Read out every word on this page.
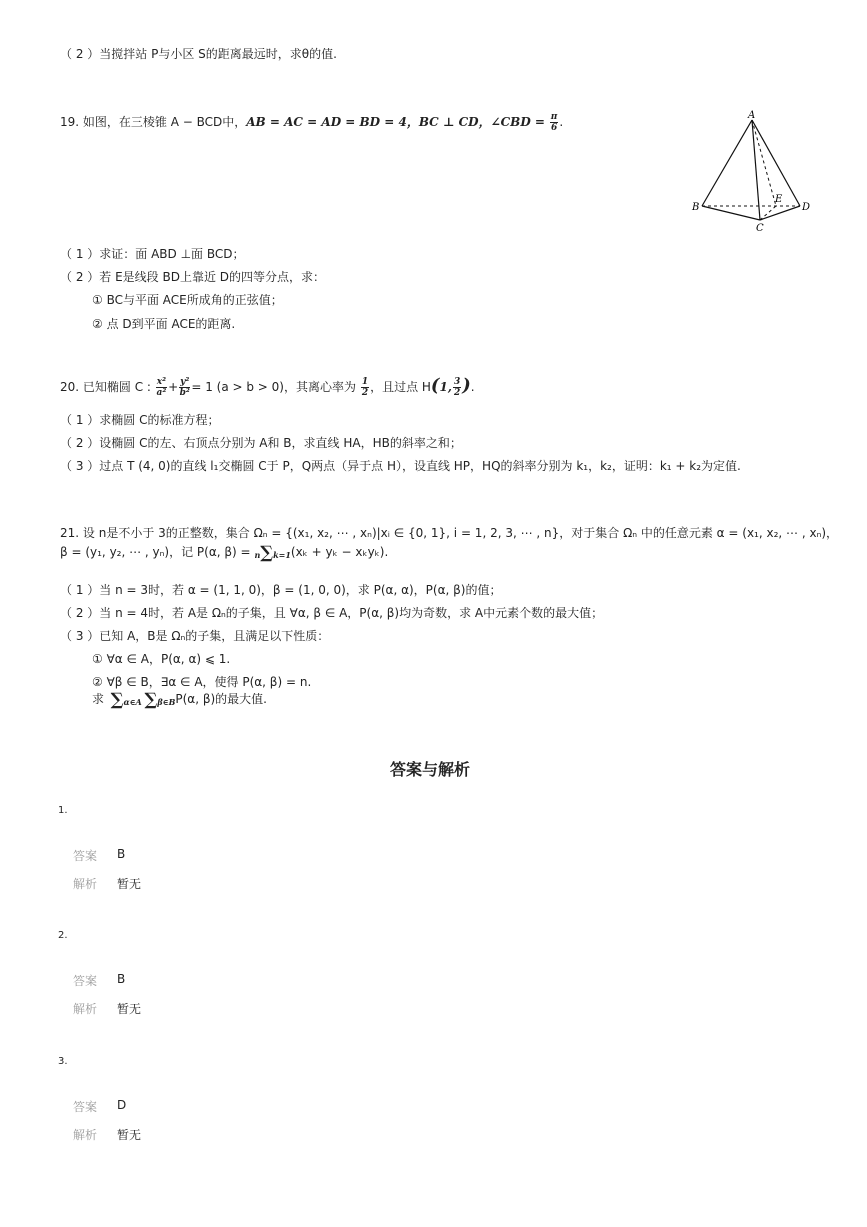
（ 2 ）当搅拌站 P与小区 S的距离最远时，求θ的值.
19. 如图，在三棱锥 A − BCD中，AB = AC = AD = BD = 4，BC ⊥ CD，∠CBD = $\frac{\pi}{6}$ .	A
B
C
D
E
（ 1 ）求证：面 ABD ⊥面 BCD；
（ 2 ）若 E是线段 BD上靠近 D的四等分点，求：
① BC与平面 ACE所成角的正弦值；
② 点 D到平面 ACE的距离.
20. 已知椭圆 C : $\frac{\text{x²}}{\text{a²}} + \frac{\text{y²}}{\text{b²}} = 1$ (a > b > 0)，其离心率为 $\frac{1}{2}$ ，且过点 H(1, $\frac{3}{2}$ ).
（ 1 ）求椭圆 C的标准方程；
（ 2 ）设椭圆 C的左、右顶点分别为 A和 B，求直线 HA，HB的斜率之和；
（ 3 ）过点 T (4, 0)的直线 l₁交椭圆 C于 P，Q两点（异于点 H），设直线 HP，HQ的斜率分别为 k₁，k₂，证明：k₁ + k₂为定值.
21. 设 n是不小于 3的正整数，集合 Ωₙ = {(x₁, x₂, ⋯ , xₙ)|xᵢ ∈ {0, 1}, i = 1, 2, 3, ⋯ , n}，对于集合 Ωₙ 中的任意元素 α = (x₁, x₂, ⋯ , xₙ)，
β = (y₁, y₂, ⋯ , yₙ)，记 P(α, β) = n∑k=1(xₖ + yₖ − xₖyₖ).
（ 1 ）当 n = 3时，若 α = (1, 1, 0)，β = (1, 0, 0)，求 P(α, α)，P(α, β)的值；
（ 2 ）当 n = 4时，若 A是 Ωₙ的子集，且 ∀α, β ∈ A，P(α, β)均为奇数，求 A中元素个数的最大值；
（ 3 ）已知 A，B是 Ωₙ的子集，且满足以下性质：
① ∀α ∈ A，P(α, α) ⩽ 1.
② ∀β ∈ B，∃α ∈ A，使得 P(α, β) = n.
求 ∑α∈A ∑β∈BP(α, β)的最大值.
答案与解析
1.
答案 B
解析 暂无
2.
答案 B
解析 暂无
3.
答案 D
解析 暂无
